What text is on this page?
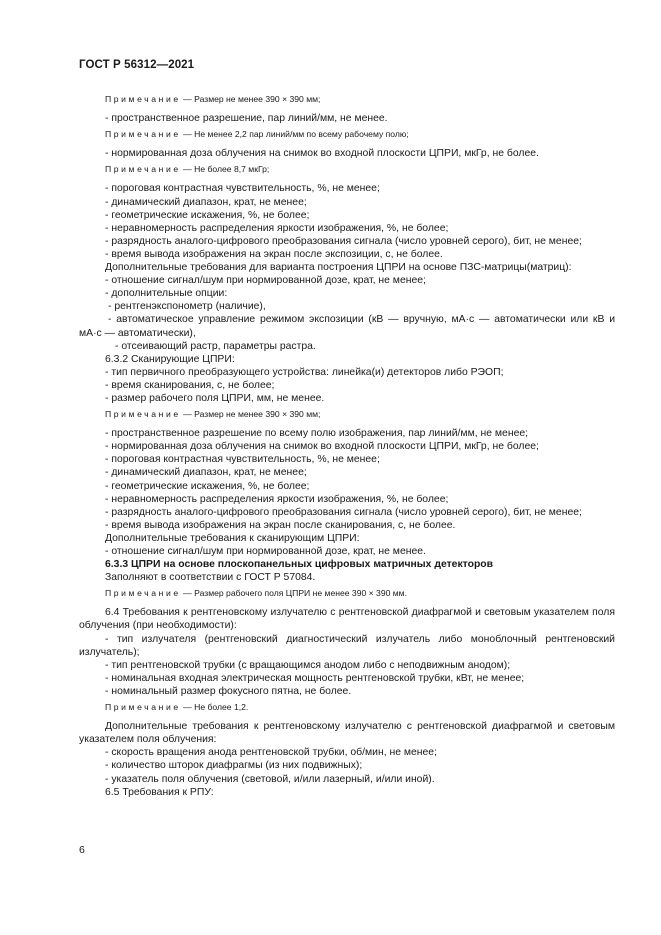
ГОСТ Р 56312—2021
Примечание — Размер не менее 390 × 390 мм;
- пространственное разрешение, пар линий/мм, не менее.
Примечание — Не менее 2,2 пар линий/мм по всему рабочему полю;
- нормированная доза облучения на снимок во входной плоскости ЦПРИ, мкГр, не более.
Примечание — Не более 8,7 мкГр;
- пороговая контрастная чувствительность, %, не менее;
- динамический диапазон, крат, не менее;
- геометрические искажения, %, не более;
- неравномерность распределения яркости изображения, %, не более;
- разрядность аналого-цифрового преобразования сигнала (число уровней серого), бит, не менее;
- время вывода изображения на экран после экспозиции, с, не более.
Дополнительные требования для варианта построения ЦПРИ на основе ПЗС-матрицы(матриц):
- отношение сигнал/шум при нормированной дозе, крат, не менее;
- дополнительные опции:
- рентгенэкспонометр (наличие),
- автоматическое управление режимом экспозиции (кВ — вручную, мА·с — автоматически или кВ и мА·с — автоматически),
- отсеивающий растр, параметры растра.
6.3.2 Сканирующие ЦПРИ:
- тип первичного преобразующего устройства: линейка(и) детекторов либо РЭОП;
- время сканирования, с, не более;
- размер рабочего поля ЦПРИ, мм, не менее.
Примечание — Размер не менее 390 × 390 мм;
- пространственное разрешение по всему полю изображения, пар линий/мм, не менее;
- нормированная доза облучения на снимок во входной плоскости ЦПРИ, мкГр, не более;
- пороговая контрастная чувствительность, %, не менее;
- динамический диапазон, крат, не менее;
- геометрические искажения, %, не более;
- неравномерность распределения яркости изображения, %, не более;
- разрядность аналого-цифрового преобразования сигнала (число уровней серого), бит, не менее;
- время вывода изображения на экран после сканирования, с, не более.
Дополнительные требования к сканирующим ЦПРИ:
- отношение сигнал/шум при нормированной дозе, крат, не менее.
6.3.3 ЦПРИ на основе плоскопанельных цифровых матричных детекторов
Заполняют в соответствии с ГОСТ Р 57084.
Примечание — Размер рабочего поля ЦПРИ не менее 390 × 390 мм.
6.4 Требования к рентгеновскому излучателю с рентгеновской диафрагмой и световым указателем поля облучения (при необходимости):
- тип излучателя (рентгеновский диагностический излучатель либо моноблочный рентгеновский излучатель);
- тип рентгеновской трубки (с вращающимся анодом либо с неподвижным анодом);
- номинальная входная электрическая мощность рентгеновской трубки, кВт, не менее;
- номинальный размер фокусного пятна, не более.
Примечание — Не более 1,2.
Дополнительные требования к рентгеновскому излучателю с рентгеновской диафрагмой и световым указателем поля облучения:
- скорость вращения анода рентгеновской трубки, об/мин, не менее;
- количество шторок диафрагмы (из них подвижных);
- указатель поля облучения (световой, и/или лазерный, и/или иной).
6.5 Требования к РПУ:
6
